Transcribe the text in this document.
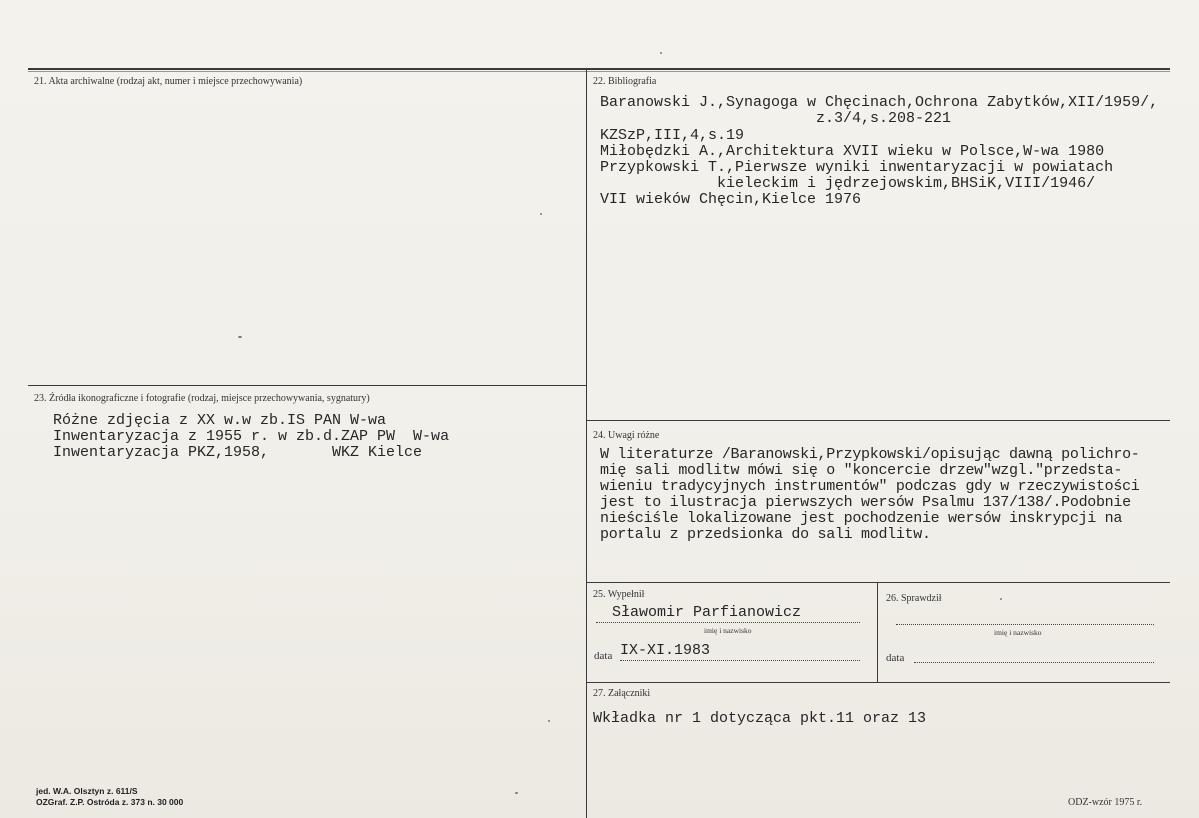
21. Akta archiwalne (rodzaj akt, numer i miejsce przechowywania)	22. Bibliografia
Baranowski J.,Synagoga w Chęcinach,Ochrona Zabytków,XII/1959/,
z.3/4,s.208-221
KZSzP,III,4,s.19
Miłobędzki A.,Architektura XVII wieku w Polsce,W-wa 1980
Przypkowski T.,Pierwsze wyniki inwentaryzacji w powiatach
kieleckim i jędrzejowskim,BHSiK,VIII/1946/
VII wieków Chęcin,Kielce 1976
23. Źródła ikonograficzne i fotografie (rodzaj, miejsce przechowywania, sygnatury)
Różne zdjęcia z XX w.w zb.IS PAN W-wa
Inwentaryzacja z 1955 r. w zb.d.ZAP PW  W-wa
Inwentaryzacja PKZ,1958,       WKZ Kielce
24. Uwagi różne
W literaturze /Baranowski,Przypkowski/opisując dawną polichro-
mię sali modlitw mówi się o "koncercie drzew"wzgl."przedsta-
wieniu tradycyjnych instrumentów" podczas gdy w rzeczywistości
jest to ilustracja pierwszych wersów Psalmu 137/138/.Podobnie
nieściśle lokalizowane jest pochodzenie wersów inskrypcji na
portalu z przedsionka do sali modlitw.
25. Wypełnił
Sławomir Parfianowicz
imię i nazwisko
data IX-XI.1983
26. Sprawdził
imię i nazwisko
data
27. Załączniki
Wkładka nr 1 dotycząca pkt.11 oraz 13
jed. W.A. Olsztyn z. 611/S
OZGraf. Z.P. Ostróda z. 373 n. 30 000	ODZ-wzór 1975 r.
